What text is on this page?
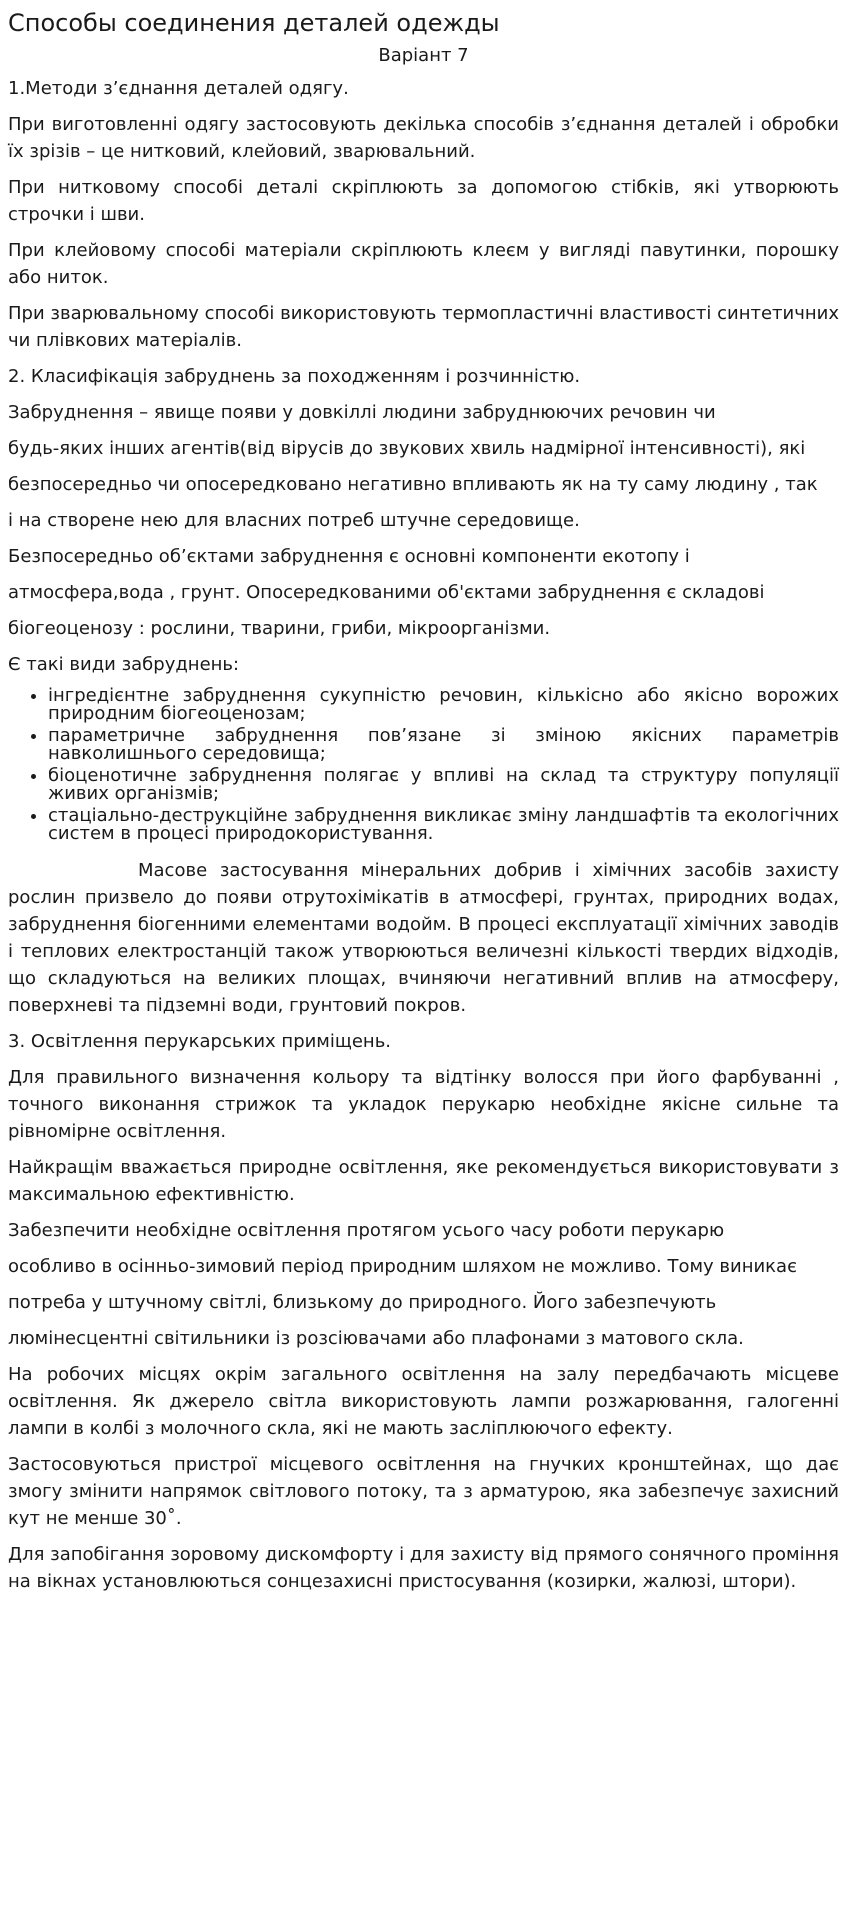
Способы соединения деталей одежды
Варіант 7

1.Методи з’єднання деталей одягу.

При виготовленні одягу застосовують декілька способів з’єднання деталей і обробки їх зрізів – це нитковий, клейовий, зварювальний.

При нитковому способі деталі скріплюють за допомогою стібків, які утворюють строчки і шви.

При клейовому способі матеріали скріплюють клеєм у вигляді павутинки, порошку або ниток.

При зварювальному способі використовують термопластичні властивості синтетичних чи плівкових матеріалів.

2. Класифікація забруднень за походженням і розчинністю.

Забруднення – явище появи у довкіллі людини забруднюючих речовин чи

будь-яких інших агентів(від вірусів до звукових хвиль надмірної інтенсивності), які

безпосередньо чи опосередковано негативно впливають як на ту саму людину , так

і на створене нею для власних потреб штучне середовище.

Безпосередньо об’єктами забруднення є основні компоненти екотопу і

атмосфера,вода , грунт. Опосередкованими об'єктами забруднення є складові

біогеоценозу : рослини, тварини, гриби, мікроорганізми.

Є такі види забруднень:

• інгредієнтне забруднення сукупністю речовин, кількісно або якісно ворожих природним біогеоценозам;
• параметричне забруднення пов’язане зі зміною якісних параметрів навколишнього середовища;
• біоценотичне забруднення полягає у впливі на склад та структуру популяції живих організмів;
• стаціально-деструкційне забруднення викликає зміну ландшафтів та екологічних систем в процесі природокористування.

Масове застосування мінеральних добрив і хімічних засобів захисту рослин призвело до появи отрутохімікатів в атмосфері, грунтах, природних водах, забруднення біогенними елементами водойм. В процесі експлуатації хімічних заводів і теплових електростанцій також утворюються величезні кількості твердих відходів, що складуються на великих площах, вчиняючи негативний вплив на атмосферу, поверхневі та підземні води, грунтовий покров.

3. Освітлення перукарських приміщень.

Для правильного визначення кольору та відтінку волосся при його фарбуванні , точного виконання стрижок та укладок перукарю необхідне якісне сильне та рівномірне освітлення.

Найкращім вважається природне освітлення, яке рекомендується використовувати з максимальною ефективністю.

Забезпечити необхідне освітлення протягом усього часу роботи перукарю

особливо в осінньо-зимовий період природним шляхом не можливо. Тому виникає

потреба у штучному світлі, близькому до природного. Його забезпечують

люмінесцентні світильники із розсіювачами або плафонами з матового скла.

На робочих місцях окрім загального освітлення на залу передбачають місцеве освітлення. Як джерело світла використовують лампи розжарювання, галогенні лампи в колбі з молочного скла, які не мають засліплюючого ефекту.

Застосовуються пристрої місцевого освітлення на гнучких кронштейнах, що дає змогу змінити напрямок світлового потоку, та з арматурою, яка забезпечує захисний кут не менше 30˚.

Для запобігання зоровому дискомфорту і для захисту від прямого сонячного проміння на вікнах установлюються сонцезахисні пристосування (козирки, жалюзі, штори).
